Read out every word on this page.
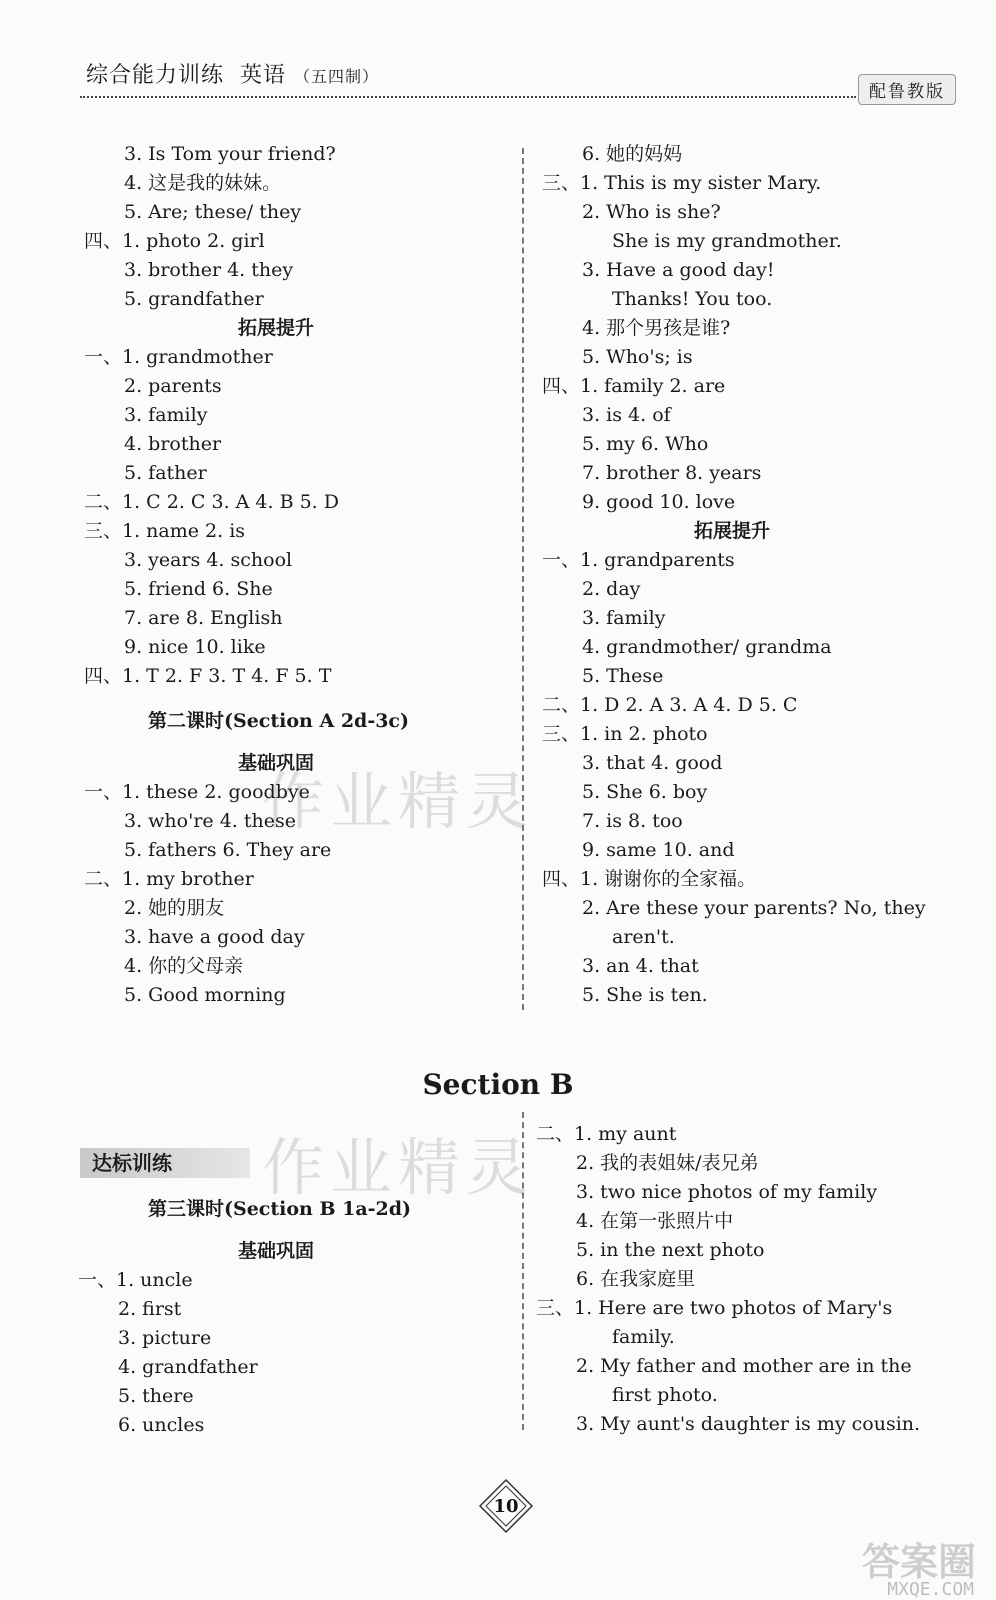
综合能力训练 英语 （五四制）
配鲁教版
作业精灵
作业精灵
3. Is Tom your friend?
4. 这是我的妹妹。
5. Are; these/ they
四、1. photo 2. girl
3. brother 4. they
5. grandfather
拓展提升
一、1. grandmother
2. parents
3. family
4. brother
5. father
二、1. C 2. C 3. A 4. B 5. D
三、1. name 2. is
3. years 4. school
5. friend 6. She
7. are 8. English
9. nice 10. like
四、1. T 2. F 3. T 4. F 5. T
第二课时(Section A 2d-3c)
基础巩固
一、1. these 2. goodbye
3. who're 4. these
5. fathers 6. They are
二、1. my brother
2. 她的朋友
3. have a good day
4. 你的父母亲
5. Good morning
6. 她的妈妈
三、1. This is my sister Mary.
2. Who is she?
She is my grandmother.
3. Have a good day!
Thanks! You too.
4. 那个男孩是谁?
5. Who's; is
四、1. family 2. are
3. is 4. of
5. my 6. Who
7. brother 8. years
9. good 10. love
拓展提升
一、1. grandparents
2. day
3. family
4. grandmother/ grandma
5. These
二、1. D 2. A 3. A 4. D 5. C
三、1. in 2. photo
3. that 4. good
5. She 6. boy
7. is 8. too
9. same 10. and
四、1. 谢谢你的全家福。
2. Are these your parents? No, they
aren't.
3. an 4. that
5. She is ten.
Section B
达标训练
第三课时(Section B 1a-2d)
基础巩固
一、1. uncle
2. first
3. picture
4. grandfather
5. there
6. uncles
二、1. my aunt
2. 我的表姐妹/表兄弟
3. two nice photos of my family
4. 在第一张照片中
5. in the next photo
6. 在我家庭里
三、1. Here are two photos of Mary's
family.
2. My father and mother are in the
first photo.
3. My aunt's daughter is my cousin.
10
答案圈
MXQE.COM
